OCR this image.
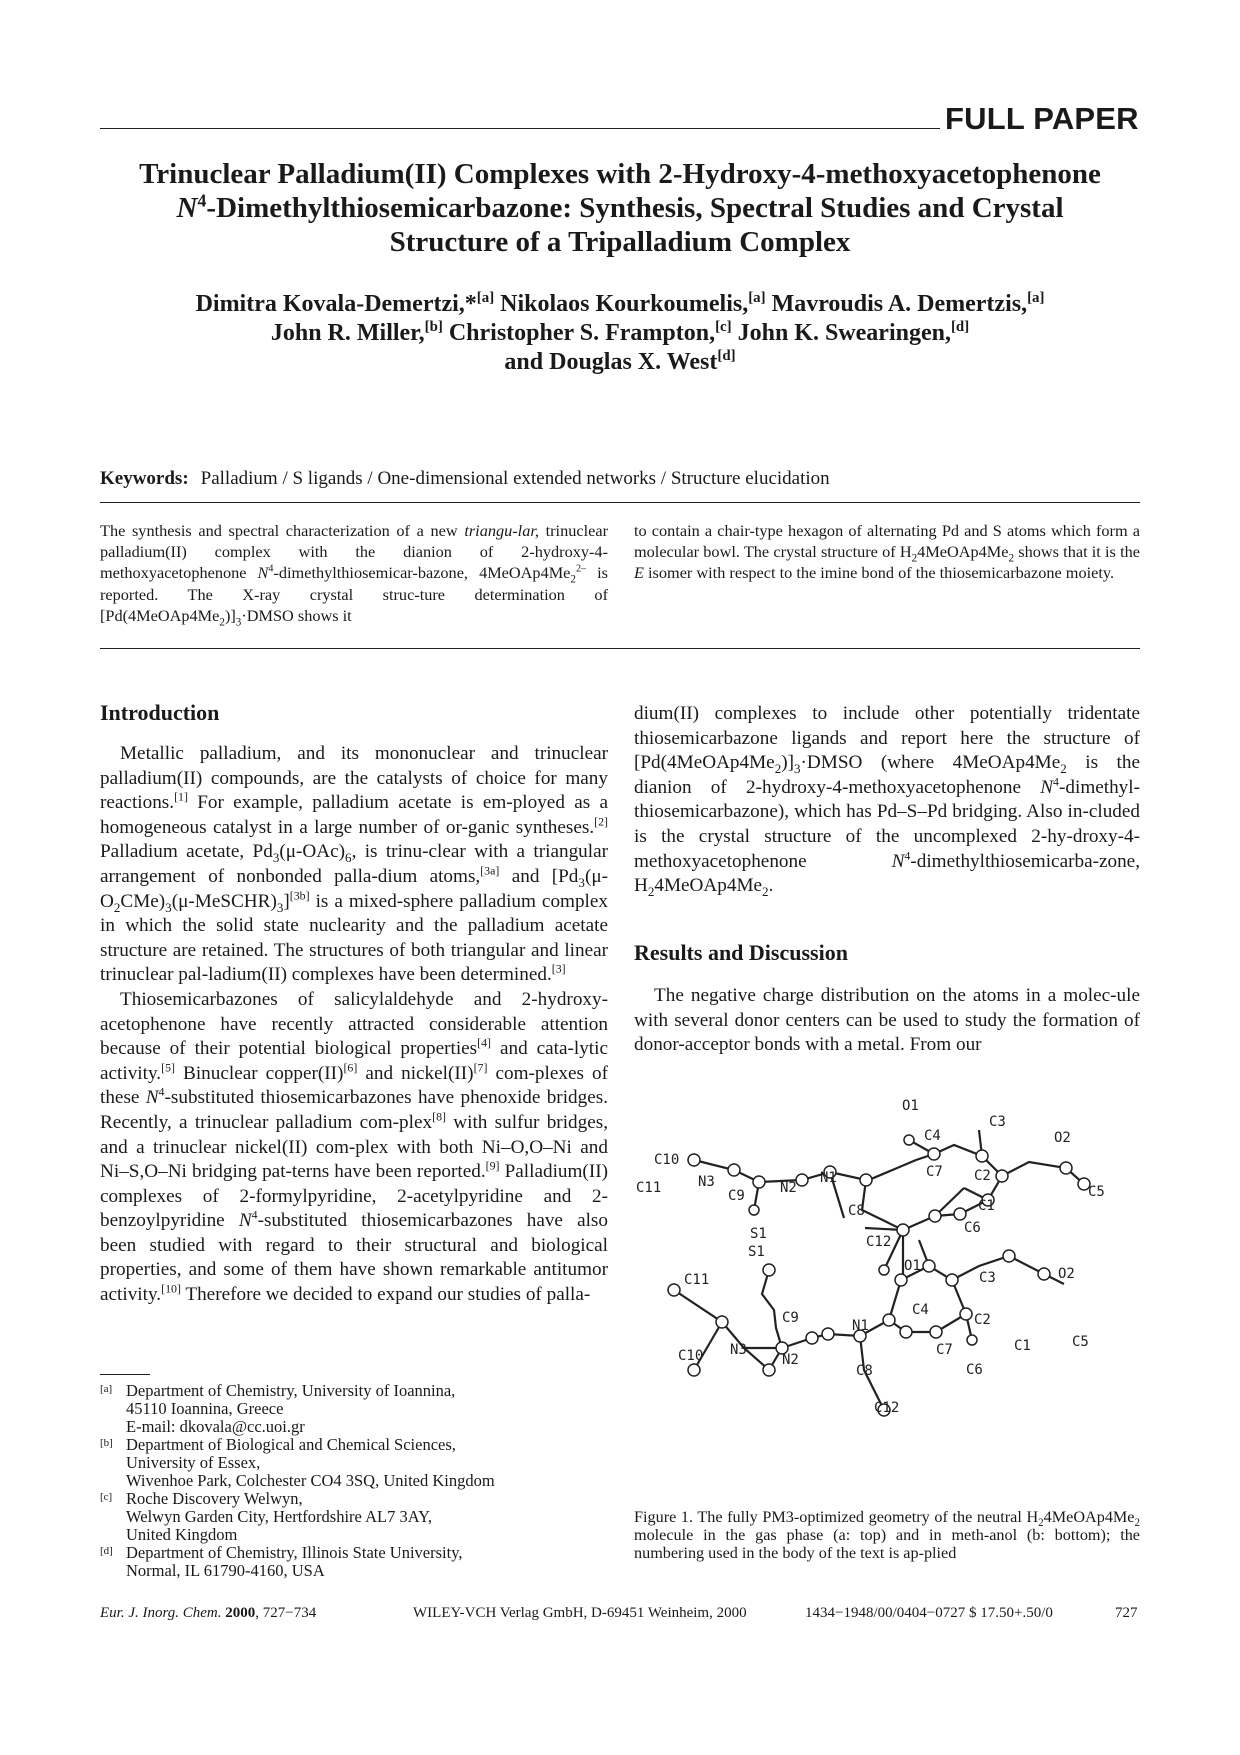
FULL PAPER
Trinuclear Palladium(II) Complexes with 2-Hydroxy-4-methoxyacetophenone
$N^4$-Dimethylthiosemicarbazone: Synthesis, Spectral Studies and Crystal
Structure of a Tripalladium Complex
Dimitra Kovala-Demertzi,*[a] Nikolaos Kourkoumelis,[a] Mavroudis A. Demertzis,[a]
John R. Miller,[b] Christopher S. Frampton,[c] John K. Swearingen,[d]
and Douglas X. West[d]
Keywords: Palladium / S ligands / One-dimensional extended networks / Structure elucidation
The synthesis and spectral characterization of a new triangu-lar, trinuclear palladium(II) complex with the dianion of 2-hydroxy-4-methoxyacetophenone $N^4-dimethylthiosemicar$-bazone, $4MeOAp4Me_2^{2-}$ is reported. The X-ray crystal struc-ture determination of $[Pd(4MeOAp4Me_2)]_3\cdot DMSO$ shows it
to contain a chair-type hexagon of alternating Pd and S atoms which form a molecular bowl. The crystal structure of $H_24MeOAp4Me_2$ shows that it is the E isomer with respect to the imine bond of the thiosemicarbazone moiety.
Introduction

Metallic palladium, and its mononuclear and trinuclear palladium(II) compounds, are the catalysts of choice for many reactions.[1] For example, palladium acetate is em-ployed as a homogeneous catalyst in a large number of or-ganic syntheses.[2] Palladium acetate, $Pd_3(\mu-OAc)_6$, is trinu-clear with a triangular arrangement of nonbonded palla-dium atoms,[3a] and $[Pd_3(\mu-O_2CMe)_3(\mu-MeSCHR)_3][3b]$ is a mixed-sphere palladium complex in which the solid state nuclearity and the palladium acetate structure are retained. The structures of both triangular and linear trinuclear pal-ladium(II) complexes have been determined.[3]

Thiosemicarbazones of salicylaldehyde and 2-hydroxy-acetophenone have recently attracted considerable attention because of their potential biological properties[4] and cata-lytic activity.[5] Binuclear copper(II)[6] and nickel(II)[7] com-plexes of these $N^4$-substituted thiosemicarbazones have phenoxide bridges. Recently, a trinuclear palladium com-plex[8] with sulfur bridges, and a trinuclear nickel(II) com-plex with both Ni–O,O–Ni and Ni–S,O–Ni bridging pat-terns have been reported.[9] Palladium(II) complexes of 2-formylpyridine, 2-acetylpyridine and 2-benzoylpyridine $N^4$-substituted thiosemicarbazones have also been studied with regard to their structural and biological properties, and some of them have shown remarkable antitumor activity.[10] Therefore we decided to expand our studies of palla-

[a] Department of Chemistry, University of Ioannina,
45110 Ioannina, Greece
E-mail: dkovala@cc.uoi.gr
[b] Department of Biological and Chemical Sciences,
University of Essex,
Wivenhoe Park, Colchester CO4 3SQ, United Kingdom
[c] Roche Discovery Welwyn,
Welwyn Garden City, Hertfordshire AL7 3AY,
United Kingdom
[d] Department of Chemistry, Illinois State University,
Normal, IL 61790-4160, USA

dium(II) complexes to include other potentially tridentate thiosemicarbazone ligands and report here the structure of $[Pd(4MeOAp4Me_2)]_3\cdot DMSO$ (where $4MeOAp4Me_2$ is the dianion of 2-hydroxy-4-methoxyacetophenone $N^4-dimethyl-thiosemicarbazone$), which has Pd–S–Pd bridging. Also in-cluded is the crystal structure of the uncomplexed 2-hy-droxy-4-methoxyacetophenone $N^4-dimethylthiosemicarba$-zone, $H_24MeOAp4Me_2$.

Results and Discussion

The negative charge distribution on the atoms in a molec-ule with several donor centers can be used to study the formation of donor-acceptor bonds with a metal. From our

O1
C3
C4	O2
C10
N3	N2
N1	C7 C2
C11	C9
C8	C1
C5
S1	C12
C6
S1
O1
C3
C11
C4
O2
C9	N1	C2
N3	C7	C5
N2
C1
C10
C8	C6
C12
Figure 1. The fully PM3-optimized geometry of the neutral $H_24MeOAp4Me_2$ molecule in the gas phase (a: top) and in meth-anol (b: bottom); the numbering used in the body of the text is ap-plied
Eur. J. Inorg. Chem. 2000, 727−734	WILEY-VCH Verlag GmbH, D-69451 Weinheim, 2000	1434−1948/00/0404−0727 $ 17.50+.50/0	727
